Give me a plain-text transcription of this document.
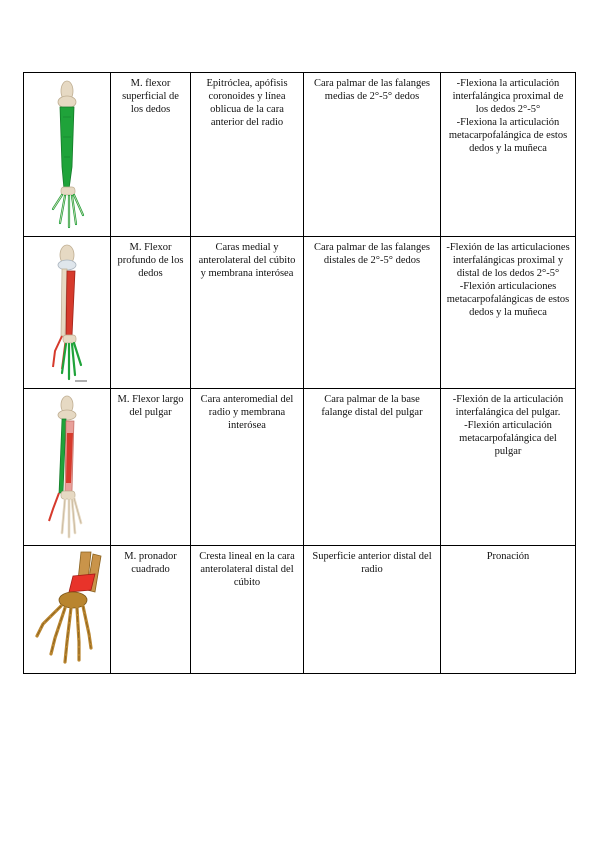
	M. flexor superficial de los dedos	Epitróclea, apófisis coronoides y línea oblicua de la cara anterior del radio	Cara palmar de las falanges medias de 2°-5° dedos	-Flexiona la articulación interfalángica proximal de los dedos 2°-5°
-Flexiona la articulación metacarpofalángica de estos dedos y la muñeca

	M. Flexor profundo de los dedos	Caras medial y anterolateral del cúbito y membrana interósea	Cara palmar de las falanges distales de 2°-5° dedos	-Flexión de las articulaciones interfalángicas proximal y distal de los dedos 2°-5°
-Flexión articulaciones metacarpofalángicas de estos dedos y la muñeca

	M. Flexor largo del pulgar	Cara anteromedial del radio y membrana interósea	Cara palmar de la base falange distal del pulgar	-Flexión de la articulación interfalángica del pulgar.
-Flexión articulación metacarpofalángica del pulgar

	M. pronador cuadrado	Cresta lineal en la cara anterolateral distal del cúbito	Superficie anterior distal del radio	Pronación
